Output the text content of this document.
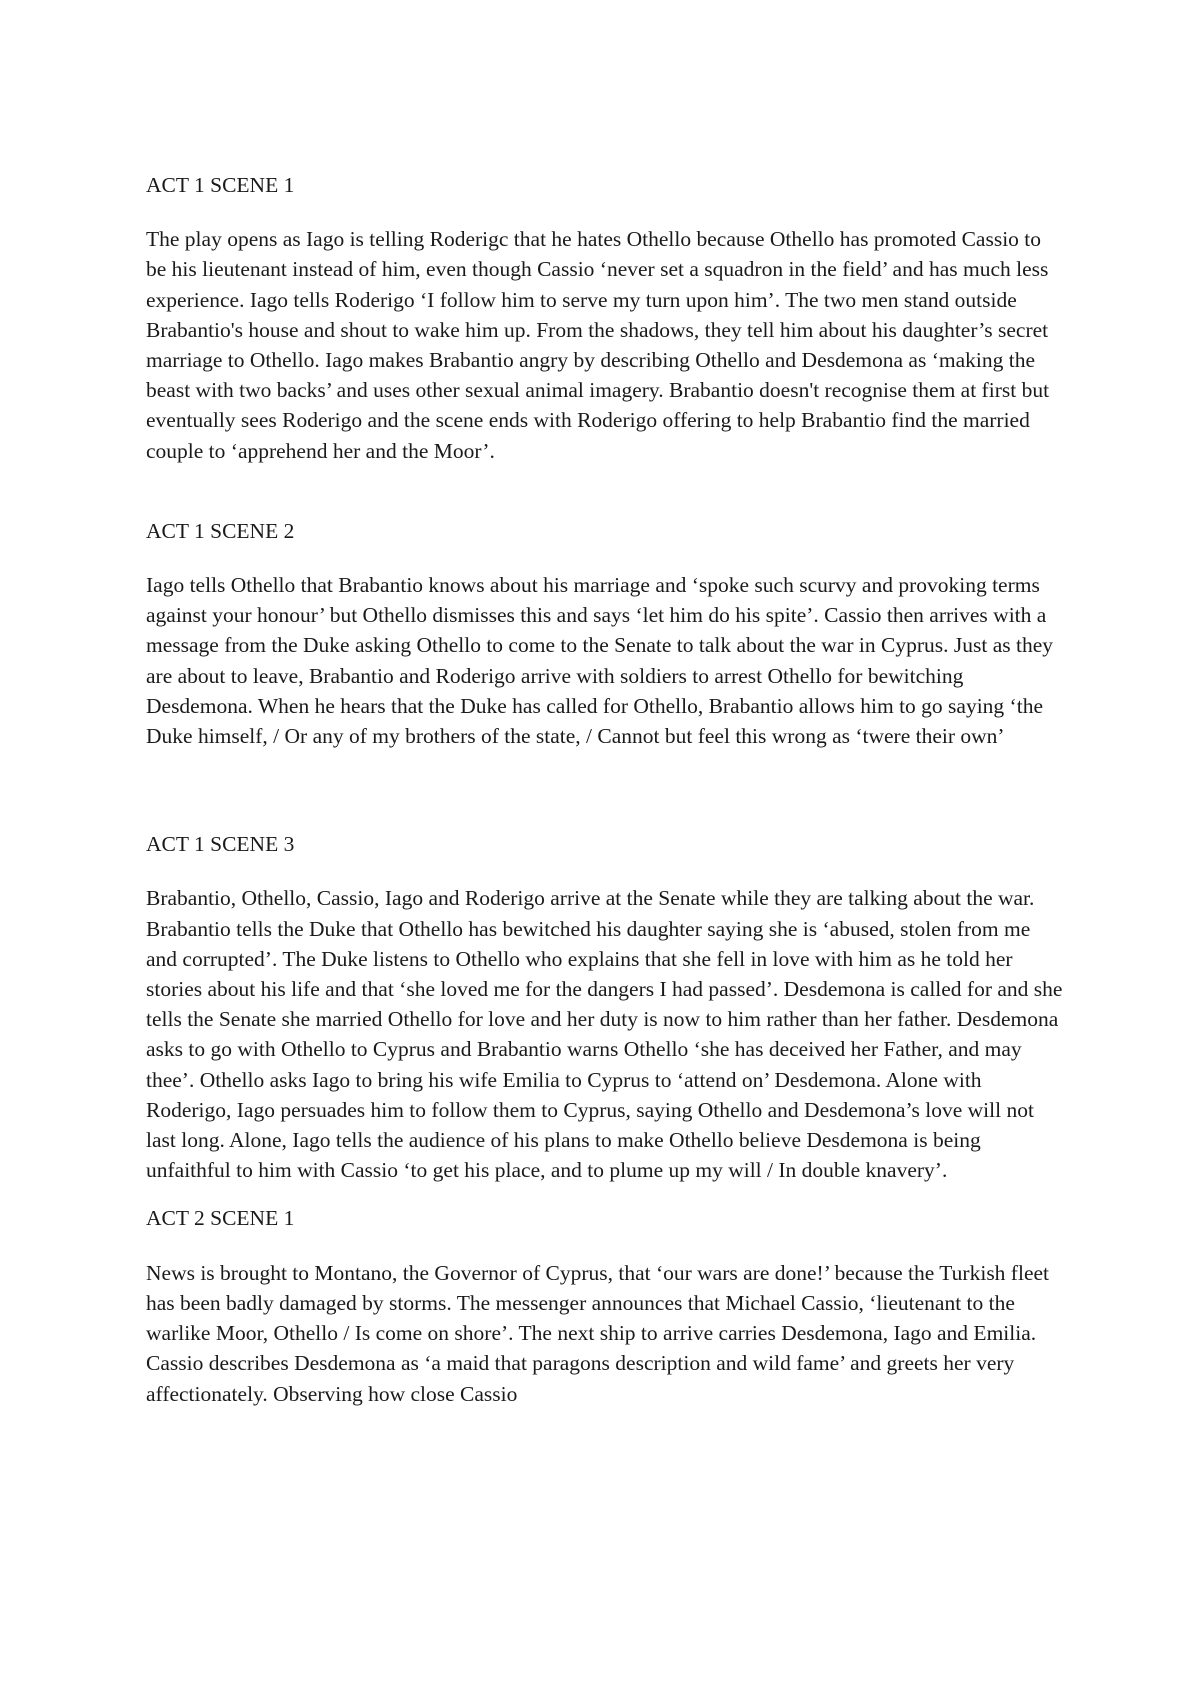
ACT 1 SCENE 1

The play opens as Iago is telling Roderigc that he hates Othello because Othello has promoted Cassio to be his lieutenant instead of him, even though Cassio ‘never set a squadron in the field’ and has much less experience. Iago tells Roderigo ‘I follow him to serve my turn upon him’. The two men stand outside Brabantio's house and shout to wake him up. From the shadows, they tell him about his daughter’s secret marriage to Othello. Iago makes Brabantio angry by describing Othello and Desdemona as ‘making the beast with two backs’ and uses other sexual animal imagery. Brabantio doesn't recognise them at first but eventually sees Roderigo and the scene ends with Roderigo offering to help Brabantio find the married couple to ‘apprehend her and the Moor’.

ACT 1 SCENE 2

Iago tells Othello that Brabantio knows about his marriage and ‘spoke such scurvy and provoking terms against your honour’ but Othello dismisses this and says ‘let him do his spite’. Cassio then arrives with a message from the Duke asking Othello to come to the Senate to talk about the war in Cyprus. Just as they are about to leave, Brabantio and Roderigo arrive with soldiers to arrest Othello for bewitching Desdemona. When he hears that the Duke has called for Othello, Brabantio allows him to go saying ‘the Duke himself, / Or any of my brothers of the state, / Cannot but feel this wrong as ‘twere their own’

ACT 1 SCENE 3

Brabantio, Othello, Cassio, Iago and Roderigo arrive at the Senate while they are talking about the war. Brabantio tells the Duke that Othello has bewitched his daughter saying she is ‘abused, stolen from me and corrupted’. The Duke listens to Othello who explains that she fell in love with him as he told her stories about his life and that ‘she loved me for the dangers I had passed’. Desdemona is called for and she tells the Senate she married Othello for love and her duty is now to him rather than her father. Desdemona asks to go with Othello to Cyprus and Brabantio warns Othello ‘she has deceived her Father, and may thee’. Othello asks Iago to bring his wife Emilia to Cyprus to ‘attend on’ Desdemona. Alone with Roderigo, Iago persuades him to follow them to Cyprus, saying Othello and Desdemona’s love will not last long. Alone, Iago tells the audience of his plans to make Othello believe Desdemona is being unfaithful to him with Cassio ‘to get his place, and to plume up my will / In double knavery’.

ACT 2 SCENE 1

News is brought to Montano, the Governor of Cyprus, that ‘our wars are done!’ because the Turkish fleet has been badly damaged by storms. The messenger announces that Michael Cassio, ‘lieutenant to the warlike Moor, Othello / Is come on shore’. The next ship to arrive carries Desdemona, Iago and Emilia. Cassio describes Desdemona as ‘a maid that paragons description and wild fame’ and greets her very affectionately. Observing how close Cassio
